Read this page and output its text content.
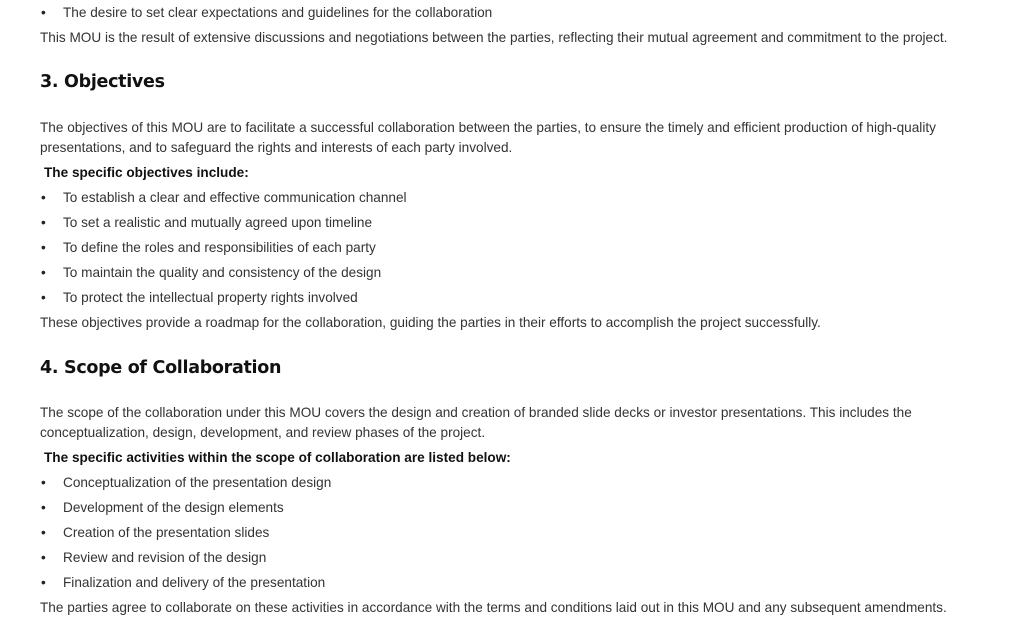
• The desire to set clear expectations and guidelines for the collaboration
This MOU is the result of extensive discussions and negotiations between the parties, reflecting their mutual agreement and commitment to the project.
3. Objectives
The objectives of this MOU are to facilitate a successful collaboration between the parties, to ensure the timely and efficient production of high-quality
presentations, and to safeguard the rights and interests of each party involved.
The specific objectives include:
• To establish a clear and effective communication channel
• To set a realistic and mutually agreed upon timeline
• To define the roles and responsibilities of each party
• To maintain the quality and consistency of the design
• To protect the intellectual property rights involved
These objectives provide a roadmap for the collaboration, guiding the parties in their efforts to accomplish the project successfully.
4. Scope of Collaboration
The scope of the collaboration under this MOU covers the design and creation of branded slide decks or investor presentations. This includes the
conceptualization, design, development, and review phases of the project.
The specific activities within the scope of collaboration are listed below:
• Conceptualization of the presentation design
• Development of the design elements
• Creation of the presentation slides
• Review and revision of the design
• Finalization and delivery of the presentation
The parties agree to collaborate on these activities in accordance with the terms and conditions laid out in this MOU and any subsequent amendments.
